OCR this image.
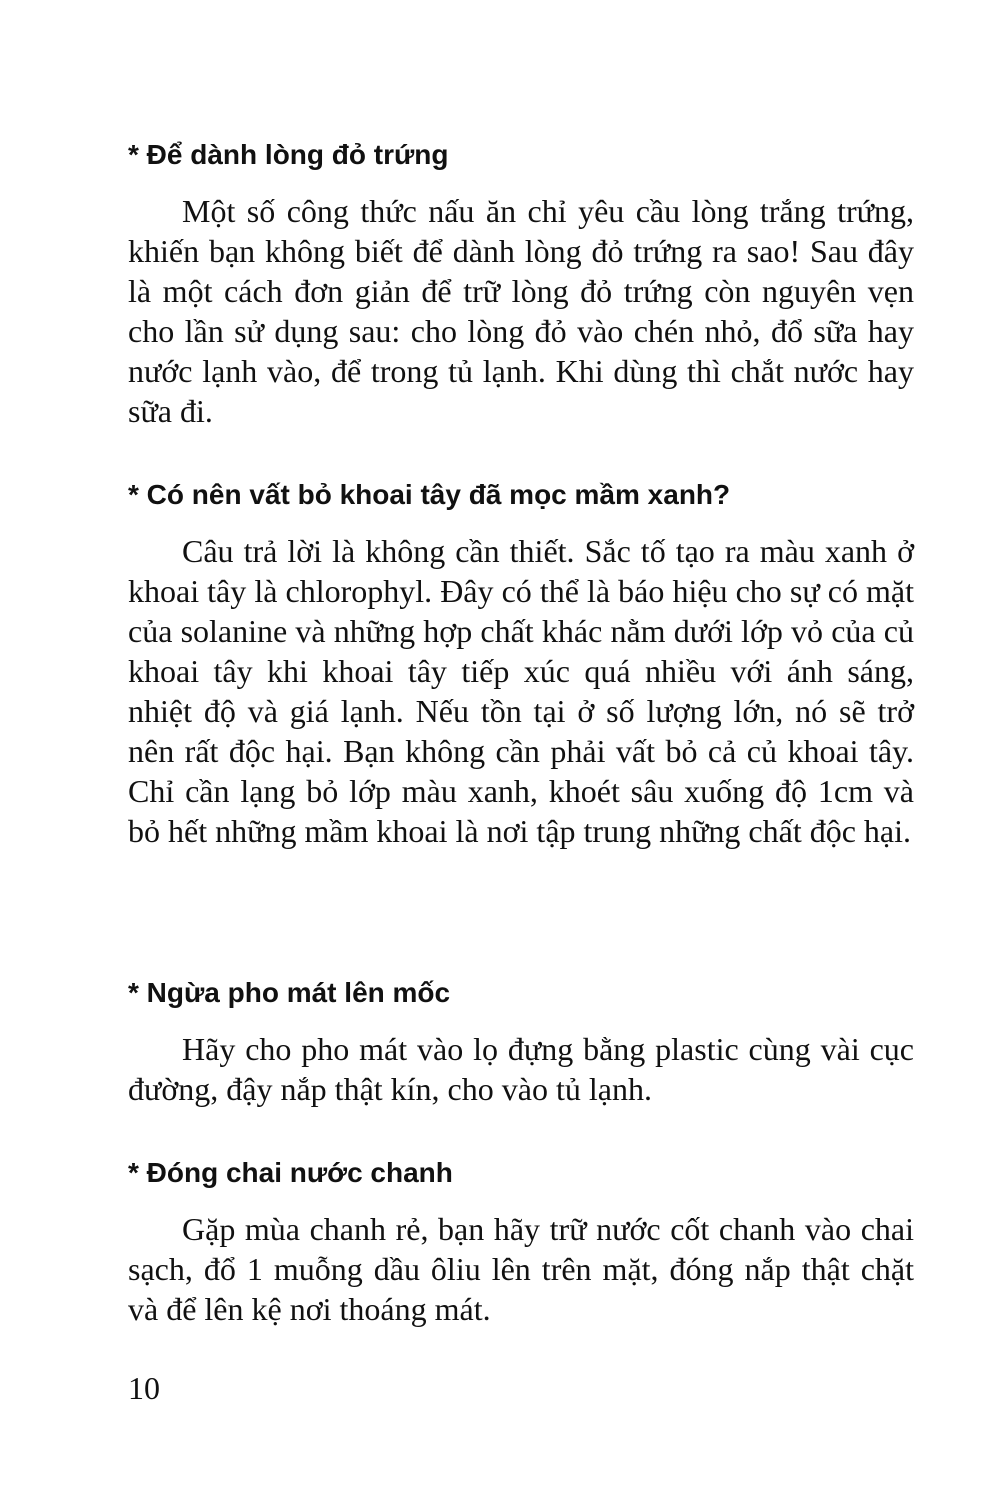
* Để dành lòng đỏ trứng

Một số công thức nấu ăn chỉ yêu cầu lòng trắng trứng, khiến bạn không biết để dành lòng đỏ trứng ra sao! Sau đây là một cách đơn giản để trữ lòng đỏ trứng còn nguyên vẹn cho lần sử dụng sau: cho lòng đỏ vào chén nhỏ, đổ sữa hay nước lạnh vào, để trong tủ lạnh. Khi dùng thì chắt nước hay sữa đi.

* Có nên vất bỏ khoai tây đã mọc mầm xanh?

Câu trả lời là không cần thiết. Sắc tố tạo ra màu xanh ở khoai tây là chlorophyl. Đây có thể là báo hiệu cho sự có mặt của solanine và những hợp chất khác nằm dưới lớp vỏ của củ khoai tây khi khoai tây tiếp xúc quá nhiều với ánh sáng, nhiệt độ và giá lạnh. Nếu tồn tại ở số lượng lớn, nó sẽ trở nên rất độc hại. Bạn không cần phải vất bỏ cả củ khoai tây. Chỉ cần lạng bỏ lớp màu xanh, khoét sâu xuống độ 1cm và bỏ hết những mầm khoai là nơi tập trung những chất độc hại.

* Ngừa pho mát lên mốc

Hãy cho pho mát vào lọ đựng bằng plastic cùng vài cục đường, đậy nắp thật kín, cho vào tủ lạnh.

* Đóng chai nước chanh

Gặp mùa chanh rẻ, bạn hãy trữ nước cốt chanh vào chai sạch, đổ 1 muỗng dầu ôliu lên trên mặt, đóng nắp thật chặt và để lên kệ nơi thoáng mát.

10
